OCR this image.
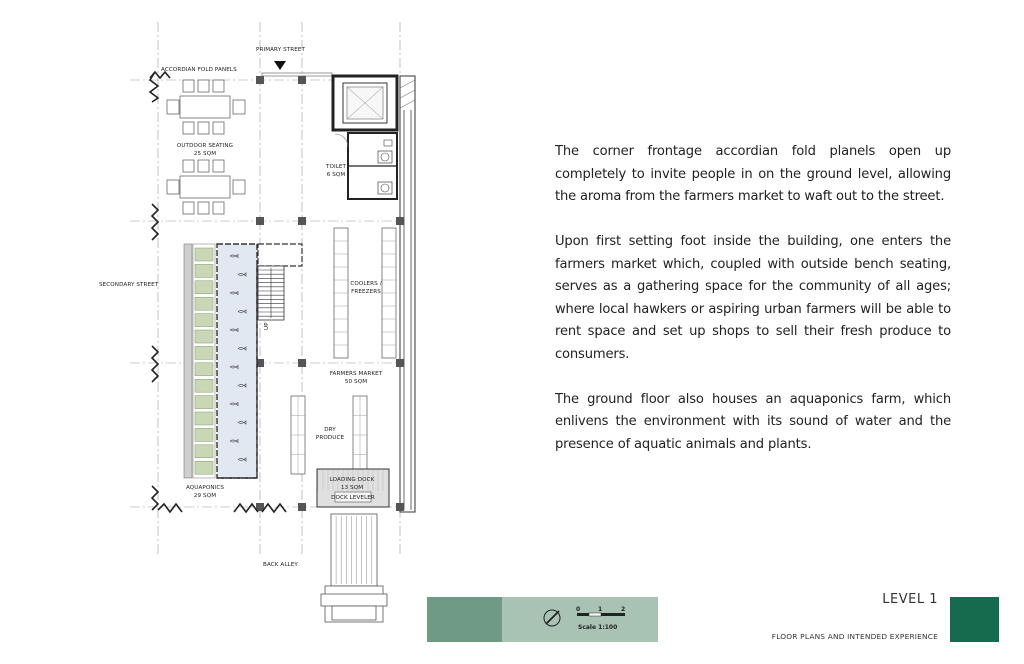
PRIMARY STREET
ACCORDIAN FOLD PANELS
OUTDOOR SEATING
25 SQM
TOILET
6 SQM
SECONDARY STREET	COOLERS /
FREEZERS
UP
FARMERS MARKET
50 SQM
DRY
PRODUCE
AQUAPONICS
29 SQM
LOADING DOCK
13 SQM
DOCK LEVELER
BACK ALLEY
0	1	2
Scale 1:100

The corner frontage accordian fold planels open up completely to invite people in on the ground level, allowing the aroma from the farmers market to waft out to the street.

Upon first setting foot inside the building, one enters the farmers market which, coupled with outside bench seating, serves as a gathering space for the community of all ages; where local hawkers or aspiring urban farmers will be able to rent space and set up shops to sell their fresh produce to consumers.

The ground floor also houses an aquaponics farm, which enlivens the environment with its sound of water and the presence of aquatic animals and plants.

LEVEL 1
FLOOR PLANS AND INTENDED EXPERIENCE
